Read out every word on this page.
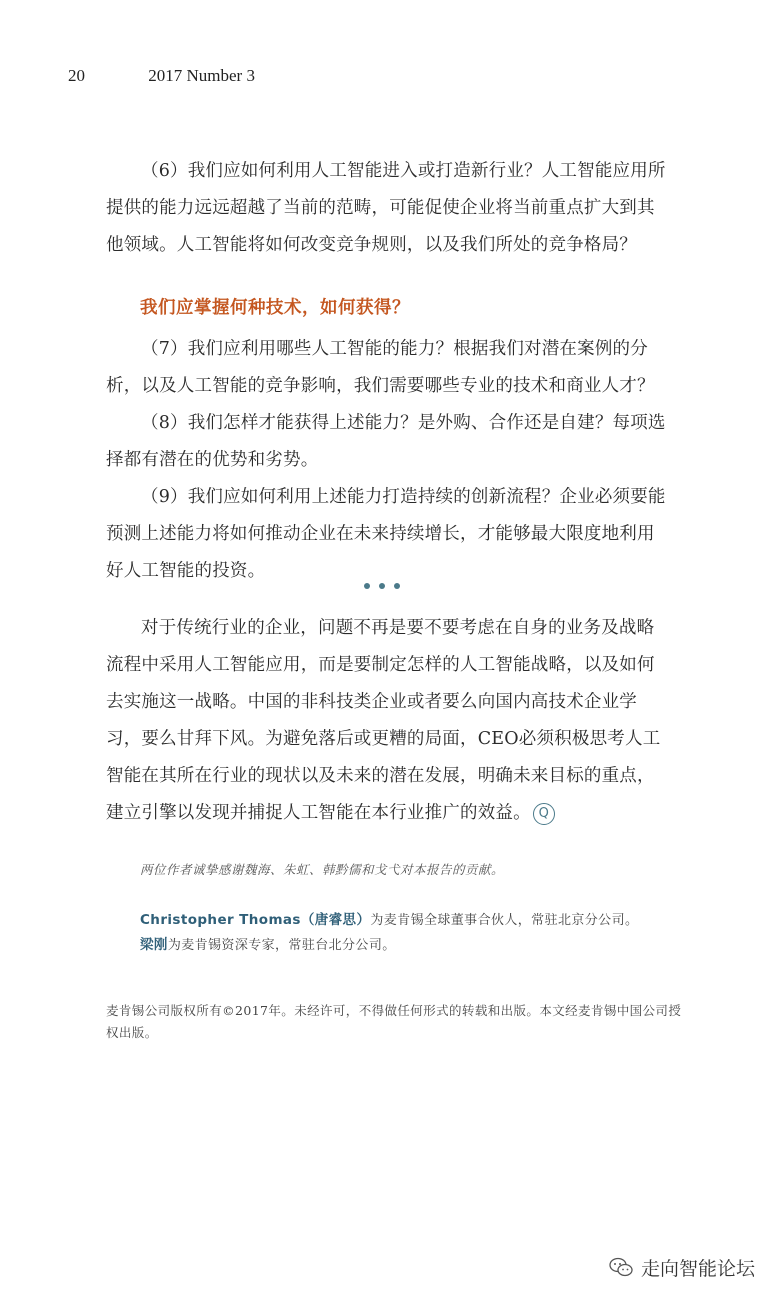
20	2017 Number 3

（6）我们应如何利用人工智能进入或打造新行业？人工智能应用所提供的能力远远超越了当前的范畴，可能促使企业将当前重点扩大到其他领域。人工智能将如何改变竞争规则，以及我们所处的竞争格局？

我们应掌握何种技术，如何获得？

（7）我们应利用哪些人工智能的能力？根据我们对潜在案例的分析，以及人工智能的竞争影响，我们需要哪些专业的技术和商业人才？

（8）我们怎样才能获得上述能力？是外购、合作还是自建？每项选择都有潜在的优势和劣势。

（9）我们应如何利用上述能力打造持续的创新流程？企业必须要能预测上述能力将如何推动企业在未来持续增长，才能够最大限度地利用好人工智能的投资。

对于传统行业的企业，问题不再是要不要考虑在自身的业务及战略流程中采用人工智能应用，而是要制定怎样的人工智能战略，以及如何去实施这一战略。中国的非科技类企业或者要么向国内高技术企业学习，要么甘拜下风。为避免落后或更糟的局面，CEO必须积极思考人工智能在其所在行业的现状以及未来的潜在发展，明确未来目标的重点，建立引擎以发现并捕捉人工智能在本行业推广的效益。 Q

两位作者诚挚感谢魏海、朱虹、韩黔儒和戈弋对本报告的贡献。
Christopher Thomas（唐睿思）为麦肯锡全球董事合伙人，常驻北京分公司。
梁刚为麦肯锡资深专家，常驻台北分公司。
麦肯锡公司版权所有©2017年。未经许可，不得做任何形式的转载和出版。本文经麦肯锡中国公司授权出版。
走向智能论坛
